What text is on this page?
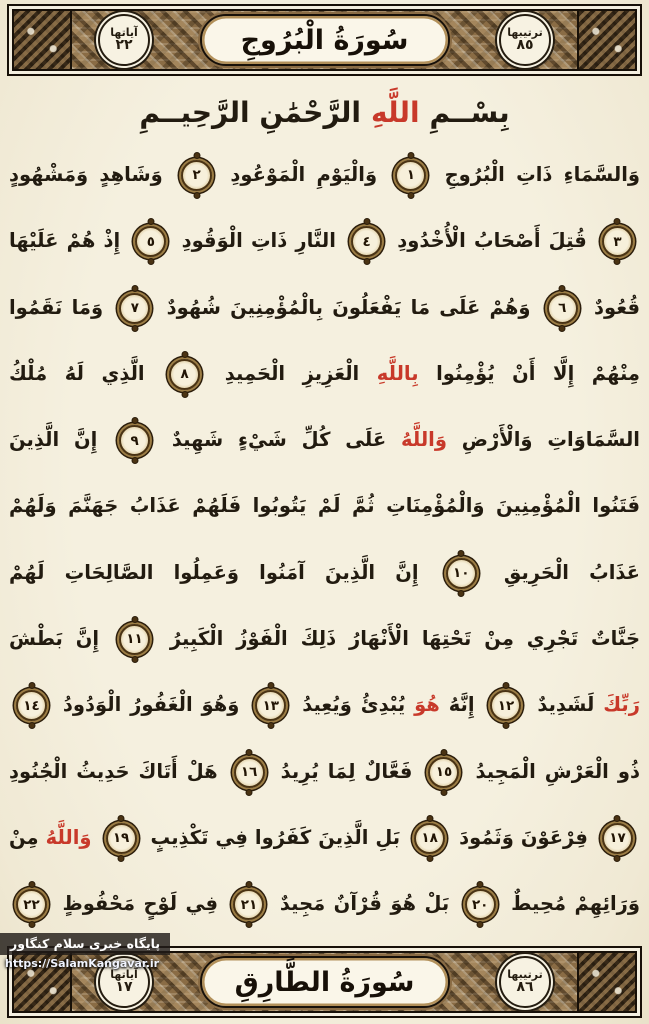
آياتها
٢٢
ترتيبها
٨٥
سُورَةُ الْبُرُوجِ
بِسْــمِ
اللَّهِ
الرَّحْمَٰنِ الرَّحِيــمِ
وَالسَّمَاءِ ذَاتِ الْبُرُوجِ ١ وَالْيَوْمِ الْمَوْعُودِ ٢ وَشَاهِدٍ وَمَشْهُودٍ
٣ قُتِلَ أَصْحَابُ الْأُخْدُودِ ٤ النَّارِ ذَاتِ الْوَقُودِ ٥ إِذْ هُمْ عَلَيْهَا
قُعُودٌ ٦ وَهُمْ عَلَى مَا يَفْعَلُونَ بِالْمُؤْمِنِينَ شُهُودٌ ٧ وَمَا نَقَمُوا
مِنْهُمْ إِلَّا أَنْ يُؤْمِنُوا بِاللَّهِ الْعَزِيزِ الْحَمِيدِ ٨ الَّذِي لَهُ مُلْكُ
السَّمَاوَاتِ وَالْأَرْضِ وَاللَّهُ عَلَى كُلِّ شَيْءٍ شَهِيدٌ ٩ إِنَّ الَّذِينَ
فَتَنُوا الْمُؤْمِنِينَ وَالْمُؤْمِنَاتِ ثُمَّ لَمْ يَتُوبُوا فَلَهُمْ عَذَابُ جَهَنَّمَ وَلَهُمْ
عَذَابُ الْحَرِيقِ ١٠ إِنَّ الَّذِينَ آمَنُوا وَعَمِلُوا الصَّالِحَاتِ لَهُمْ
جَنَّاتٌ تَجْرِي مِنْ تَحْتِهَا الْأَنْهَارُ ذَلِكَ الْفَوْزُ الْكَبِيرُ ١١ إِنَّ بَطْشَ
رَبِّكَ لَشَدِيدٌ ١٢ إِنَّهُ هُوَ يُبْدِئُ وَيُعِيدُ ١٣ وَهُوَ الْغَفُورُ الْوَدُودُ ١٤
ذُو الْعَرْشِ الْمَجِيدُ ١٥ فَعَّالٌ لِمَا يُرِيدُ ١٦ هَلْ أَتَاكَ حَدِيثُ الْجُنُودِ
١٧ فِرْعَوْنَ وَثَمُودَ ١٨ بَلِ الَّذِينَ كَفَرُوا فِي تَكْذِيبٍ ١٩ وَاللَّهُ مِنْ
وَرَائِهِمْ مُحِيطٌ ٢٠ بَلْ هُوَ قُرْآنٌ مَجِيدٌ ٢١ فِي لَوْحٍ مَحْفُوظٍ ٢٢
پایگاه خبری سلام کنگاور
https://SalamKangavar.ir
آياتها
١٧
ترتيبها
٨٦
سُورَةُ الطَّارِقِ
